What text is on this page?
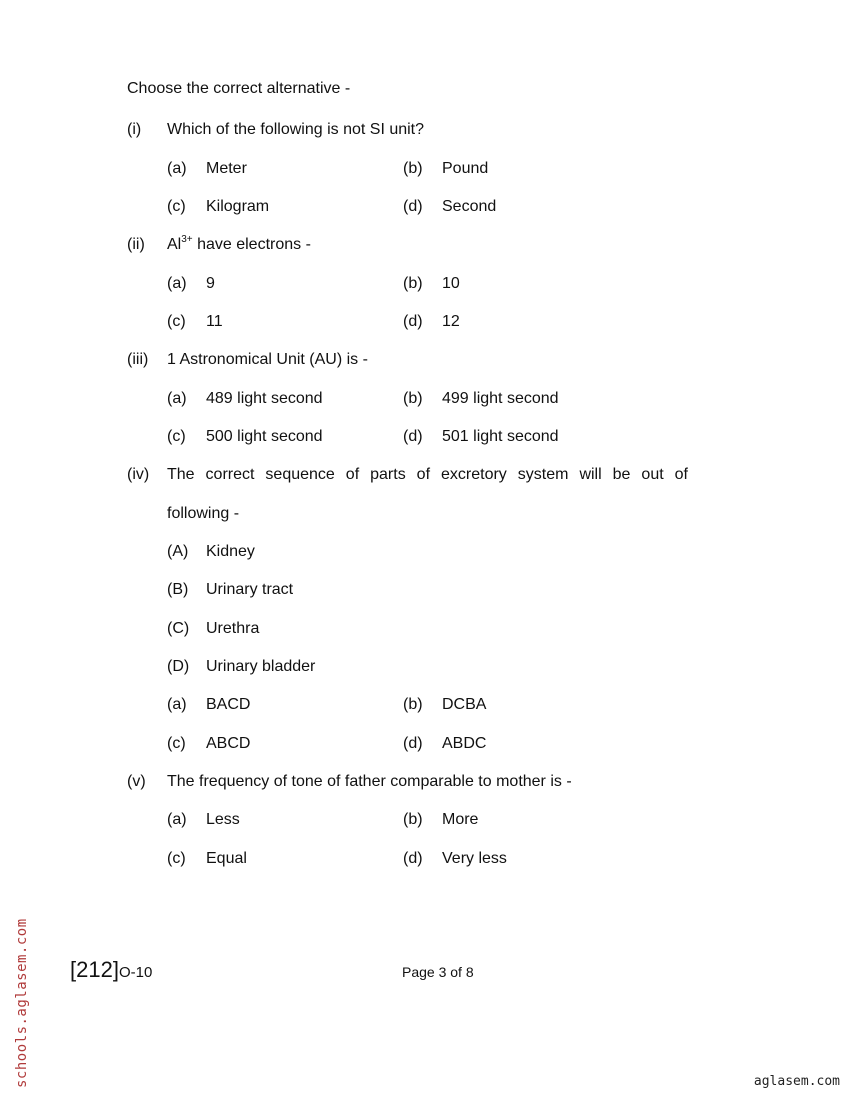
Choose the correct alternative -
(i) Which of the following is not SI unit?
(a) Meter	(b) Pound
(c) Kilogram	(d) Second
(ii) $Al^{3+}$ have electrons -
(a) 9	(b) 10
(c) 11	(d) 12
(iii) 1 Astronomical Unit (AU) is -
(a) 489 light second	(b) 499 light second
(c) 500 light second	(d) 501 light second
(iv) The correct sequence of parts of excretory system will be out of
following -
(A) Kidney
(B) Urinary tract
(C) Urethra
(D) Urinary bladder
(a) BACD	(b) DCBA
(c) ABCD	(d) ABDC
(v) The frequency of tone of father comparable to mother is -
(a) Less	(b) More
(c) Equal	(d) Very less
[212]O-10	Page 3 of 8
schools.aglasem.com	aglasem.com
